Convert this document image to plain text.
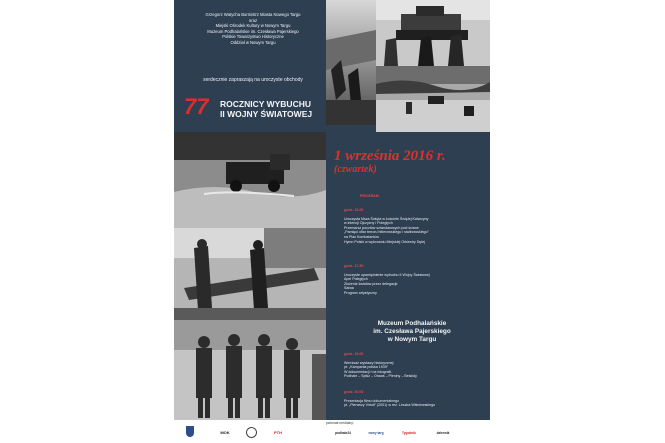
Grzegorz Watycha Burmistrz Miasta Nowego Targu
oraz
Miejski Ośrodek Kultury w Nowym Targu
Muzeum Podhalańskie im. Czesława Pajerskiego
Polskie Towarzystwo Historyczne
Oddział w Nowym Targu
serdecznie zapraszają na uroczyste obchody
77 ROCZNICY WYBUCHU
II WOJNY ŚWIATOWEJ
1 września 2016 r.
(czwartek)
PROGRAM
godz. 16.00
Uroczysta Msza Święta w kościele Świętej Katarzyny
w intencji Ojczyzny i Poległych
Przemarsz pocztów sztandarowych pod ściane
„Pamięci ofiar terroru hitlerowskiego i stalinowskiego"
na Plac Kombatantów
Hymn Polski w wykonaniu Miejskiej Orkiestry Dętej
godz. 17.30
Uroczyste upamiętnienie wybuchu II Wojny Światowej
Apel Poległych
Złożenie kwiatów przez delegacje
Salwa
Program artystyczny
Muzeum Podhalańskie
im. Czesława Pajerskiego
w Nowym Targu
godz. 19.00
Wernisaż wystawy historycznej
pt. „Kampania polska 1939"
W dokumentacji i na fotografii.
Podhale – Spisz – Orawa – Pieniny – Beskidy
godz. 20.00
Prezentacja filmu dokumentalnego
pt. „Pierwszy Virtuti" (2001) w rez. Leszka Wiśniewskiego
patronat medialny:
MOK	PTH	podhale24	nowy targ	Tygodnik	dziennik
